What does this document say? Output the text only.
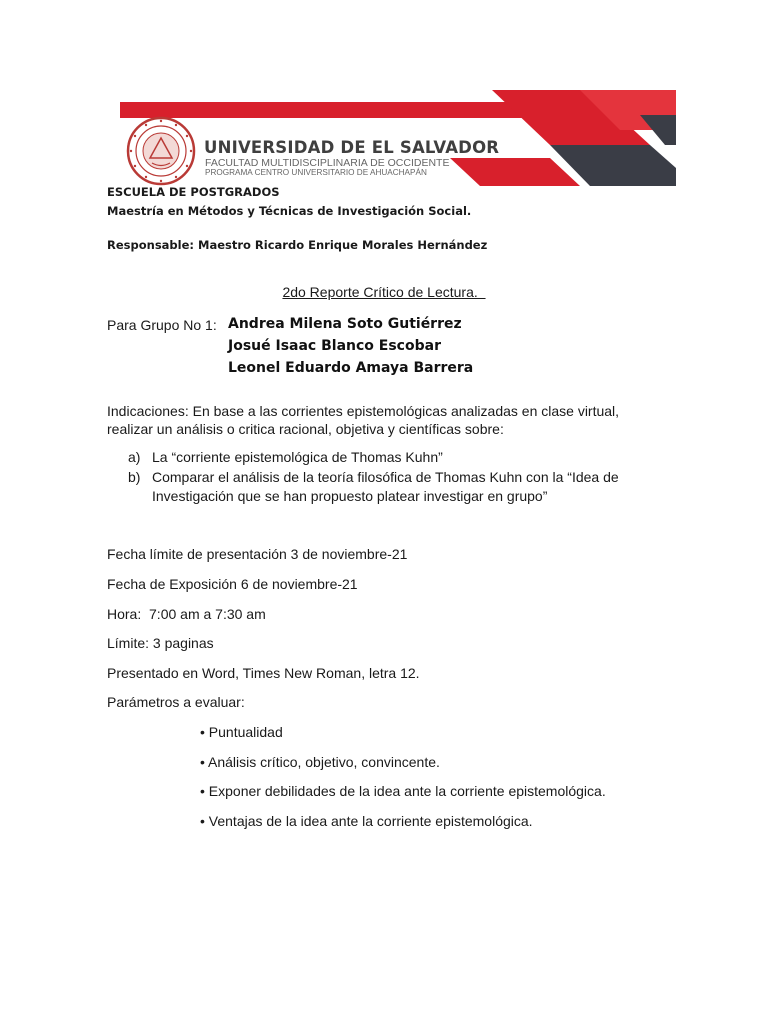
UNIVERSIDAD DE EL SALVADOR
FACULTAD MULTIDISCIPLINARIA DE OCCIDENTE
PROGRAMA CENTRO UNIVERSITARIO DE AHUACHAPÁN
ESCUELA DE POSTGRADOS
Maestría en Métodos y Técnicas de Investigación Social.
Responsable: Maestro Ricardo Enrique Morales Hernández
2do Reporte Crítico de Lectura.
Para Grupo No 1: Andrea Milena Soto Gutiérrez
Josué Isaac Blanco Escobar
Leonel Eduardo Amaya Barrera
Indicaciones: En base a las corrientes epistemológicas analizadas en clase virtual, realizar un análisis o critica racional, objetiva y científicas sobre:
a) La “corriente epistemológica de Thomas Kuhn”
b) Comparar el análisis de la teoría filosófica de Thomas Kuhn con la “Idea de Investigación que se han propuesto platear investigar en grupo”
Fecha límite de presentación 3 de noviembre-21
Fecha de Exposición 6 de noviembre-21
Hora:  7:00 am a 7:30 am
Límite: 3 paginas
Presentado en Word, Times New Roman, letra 12.
Parámetros a evaluar:
• Puntualidad
• Análisis crítico, objetivo, convincente.
• Exponer debilidades de la idea ante la corriente epistemológica.
• Ventajas de la idea ante la corriente epistemológica.
